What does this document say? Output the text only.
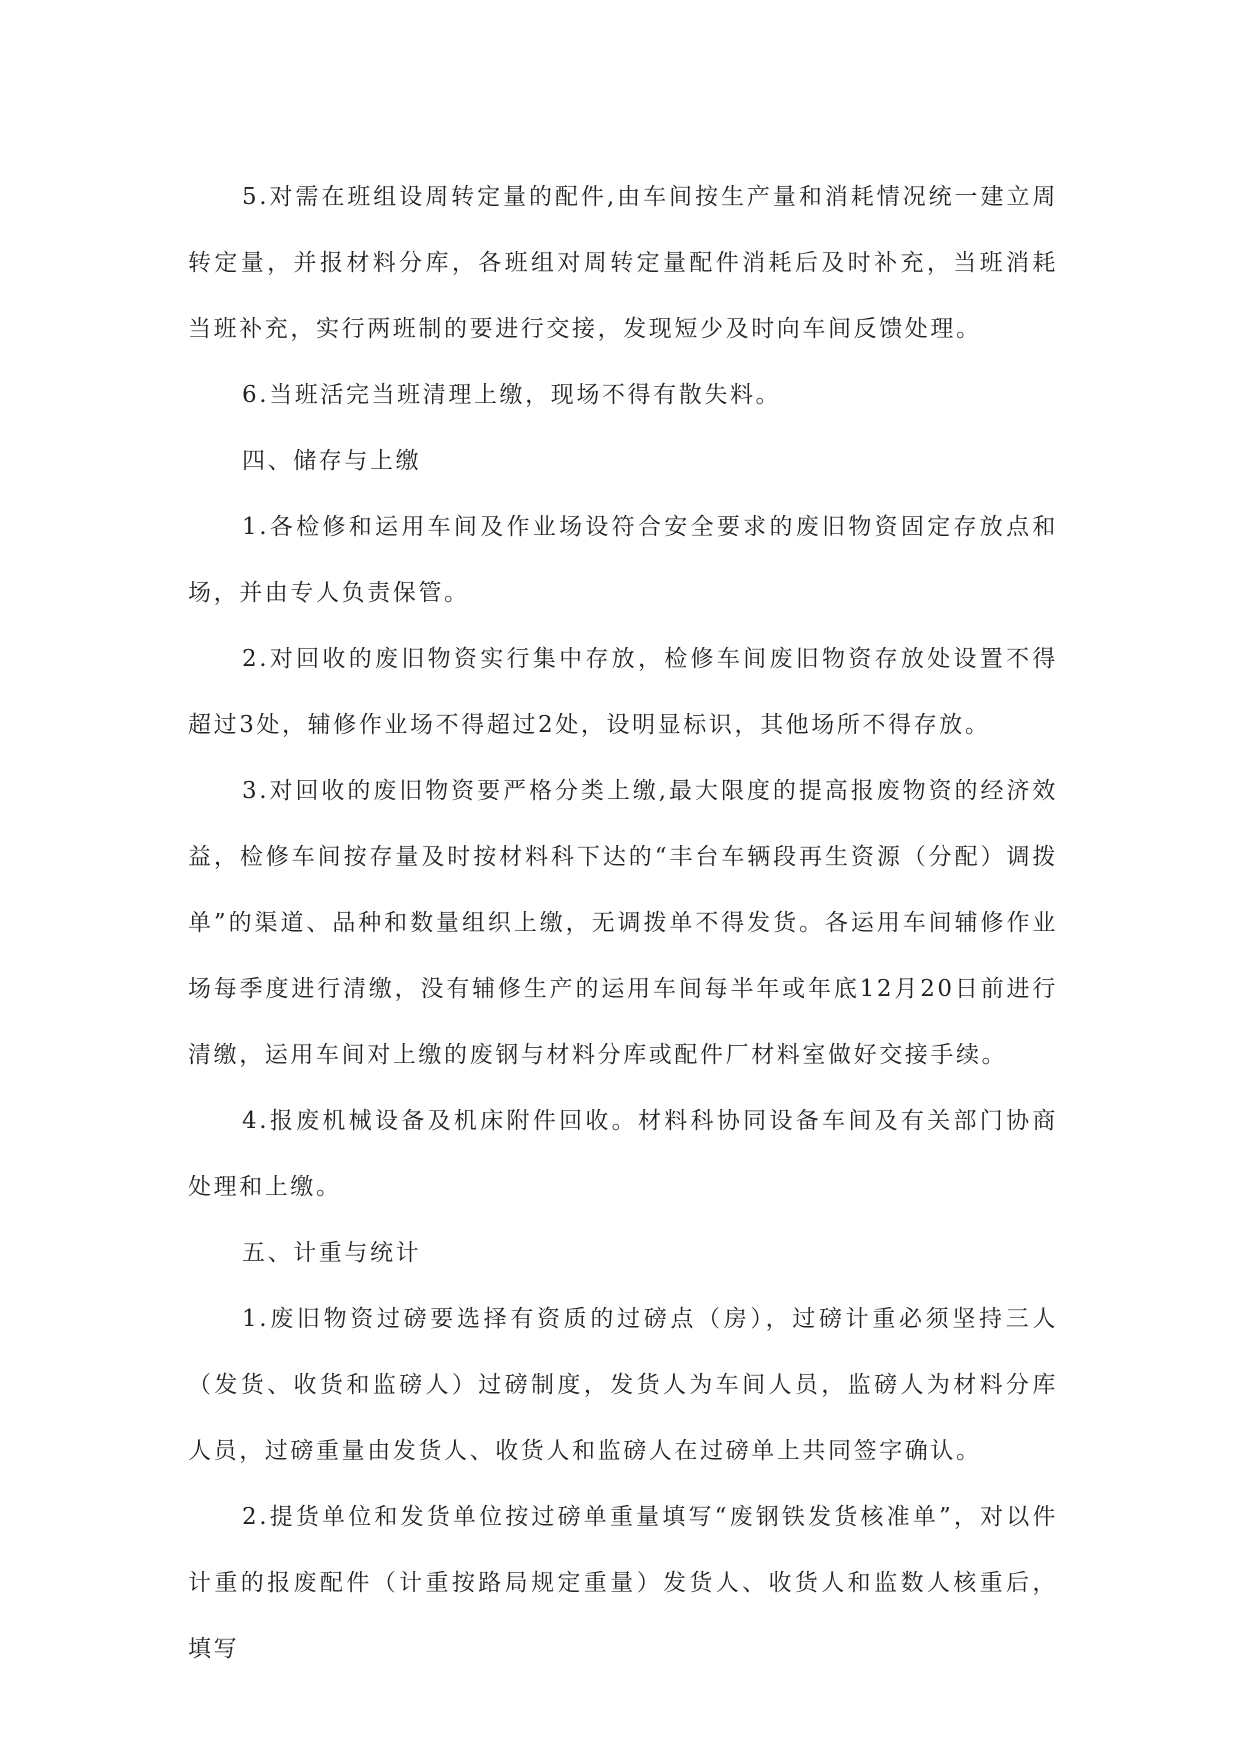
5.对需在班组设周转定量的配件,由车间按生产量和消耗情况统一建立周转定量，并报材料分库，各班组对周转定量配件消耗后及时补充，当班消耗当班补充，实行两班制的要进行交接，发现短少及时向车间反馈处理。

6.当班活完当班清理上缴，现场不得有散失料。

四、储存与上缴

1.各检修和运用车间及作业场设符合安全要求的废旧物资固定存放点和场，并由专人负责保管。

2.对回收的废旧物资实行集中存放，检修车间废旧物资存放处设置不得超过3处，辅修作业场不得超过2处，设明显标识，其他场所不得存放。

3.对回收的废旧物资要严格分类上缴,最大限度的提高报废物资的经济效益，检修车间按存量及时按材料科下达的“丰台车辆段再生资源（分配）调拨单”的渠道、品种和数量组织上缴，无调拨单不得发货。各运用车间辅修作业场每季度进行清缴，没有辅修生产的运用车间每半年或年底12月20日前进行清缴，运用车间对上缴的废钢与材料分库或配件厂材料室做好交接手续。

4.报废机械设备及机床附件回收。材料科协同设备车间及有关部门协商处理和上缴。

五、计重与统计

1.废旧物资过磅要选择有资质的过磅点（房），过磅计重必须坚持三人（发货、收货和监磅人）过磅制度，发货人为车间人员，监磅人为材料分库人员，过磅重量由发货人、收货人和监磅人在过磅单上共同签字确认。

2.提货单位和发货单位按过磅单重量填写“废钢铁发货核准单”，对以件计重的报废配件（计重按路局规定重量）发货人、收货人和监数人核重后，填写
